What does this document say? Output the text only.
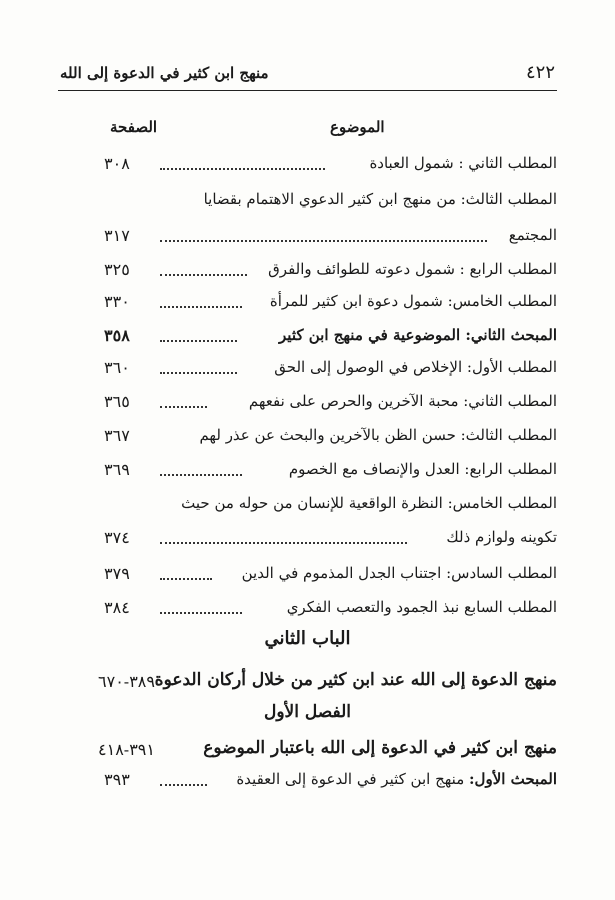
٤٢٢
منهج ابن كثير في الدعوة إلى الله
الموضوع
الصفحة
المطلب الثاني : شمول العبادة
٣٠٨
المطلب الثالث: من منهج ابن كثير الدعوي الاهتمام بقضايا
المجتمع
٣١٧
المطلب الرابع : شمول دعوته للطوائف والفرق
٣٢٥
المطلب الخامس: شمول دعوة ابن كثير للمرأة
٣٣٠
المبحث الثاني: الموضوعية في منهج ابن كثير
٣٥٨
المطلب الأول: الإخلاص في الوصول إلى الحق
٣٦٠
المطلب الثاني: محبة الآخرين والحرص على نفعهم
٣٦٥
المطلب الثالث: حسن الظن بالآخرين والبحث عن عذر لهم
٣٦٧
المطلب الرابع: العدل والإنصاف مع الخصوم
٣٦٩
المطلب الخامس: النظرة الواقعية للإنسان من حوله من حيث
تكوينه ولوازم ذلك
٣٧٤
المطلب السادس: اجتناب الجدل المذموم في الدين
٣٧٩
المطلب السابع نبذ الجمود والتعصب الفكري
٣٨٤
الباب الثاني
منهج الدعوة إلى الله عند ابن كثير من خلال أركان الدعوة
٣٨٩-٦٧٠
الفصل الأول
منهج ابن كثير في الدعوة إلى الله باعتبار الموضوع
٣٩١-٤١٨
المبحث الأول: منهج ابن كثير في الدعوة إلى العقيدة
٣٩٣
